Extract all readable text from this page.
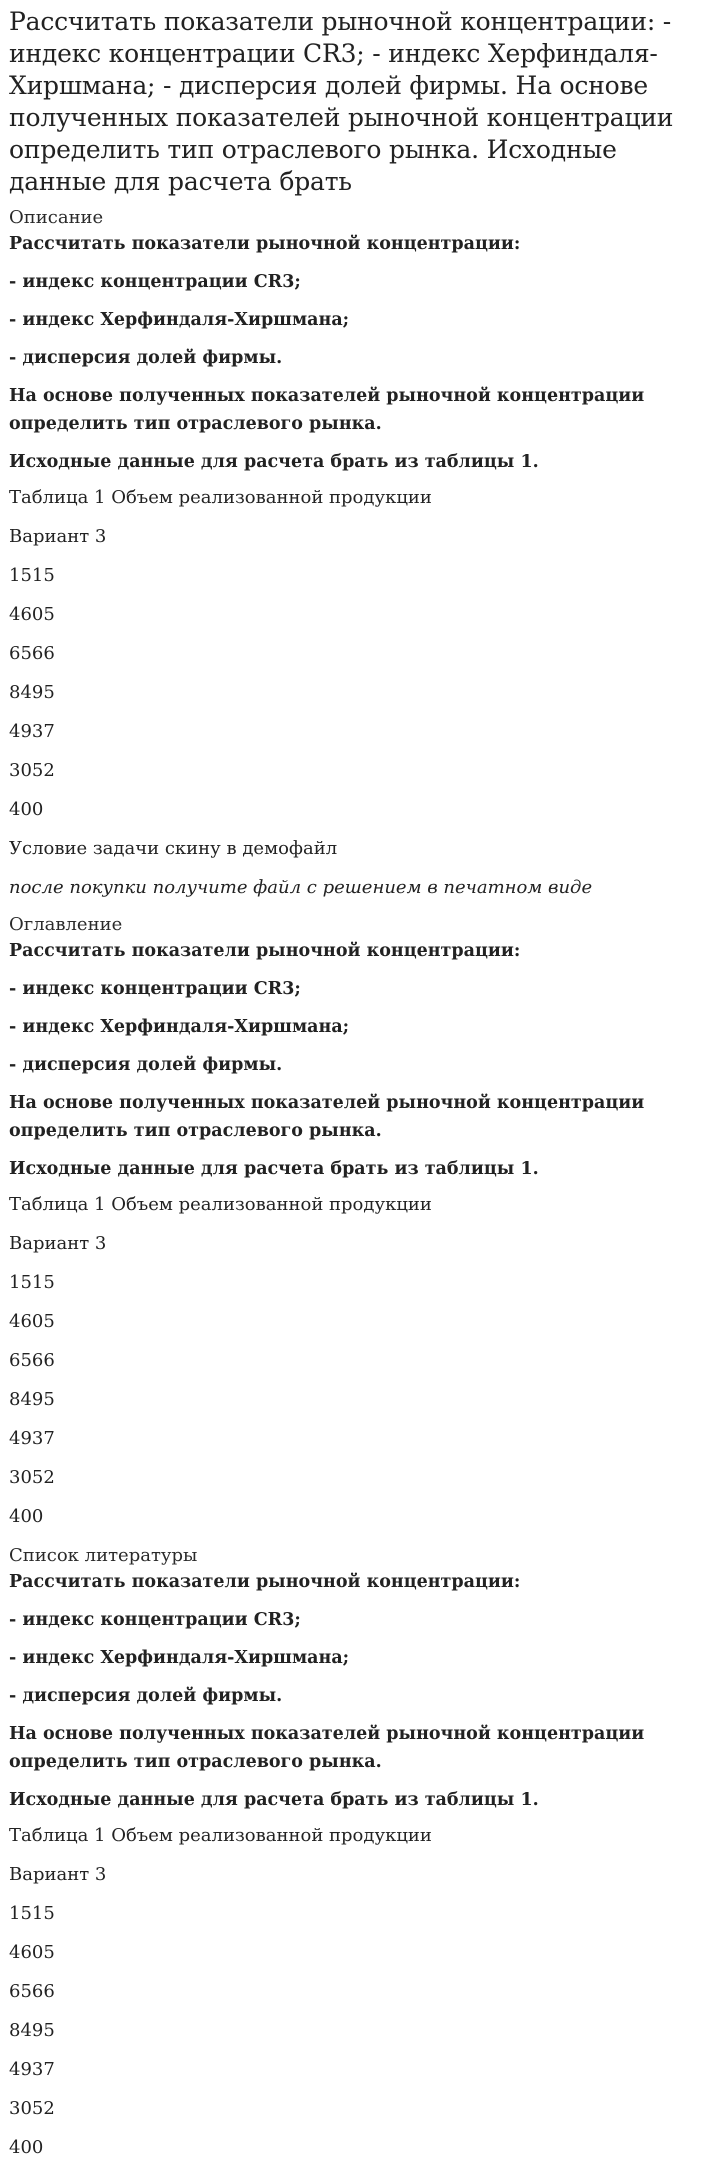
Рассчитать показатели рыночной концентрации: - индекс концентрации CR3; - индекс Херфиндаля-Хиршмана; - дисперсия долей фирмы. На основе полученных показателей рыночной концентрации определить тип отраслевого рынка. Исходные данные для расчета брать
Описание

Рассчитать показатели рыночной концентрации:

- индекс концентрации CR3;

- индекс Херфиндаля-Хиршмана;

- дисперсия долей фирмы.

На основе полученных показателей рыночной концентрации определить тип отраслевого рынка.

Исходные данные для расчета брать из таблицы 1.

Таблица 1 Объем реализованной продукции

Вариант 3

1515

4605

6566

8495

4937

3052

400

Условие задачи скину в демофайл

после покупки получите файл с решением в печатном виде

Оглавление

Рассчитать показатели рыночной концентрации:

- индекс концентрации CR3;

- индекс Херфиндаля-Хиршмана;

- дисперсия долей фирмы.

На основе полученных показателей рыночной концентрации определить тип отраслевого рынка.

Исходные данные для расчета брать из таблицы 1.

Таблица 1 Объем реализованной продукции

Вариант 3

1515

4605

6566

8495

4937

3052

400

Список литературы

Рассчитать показатели рыночной концентрации:

- индекс концентрации CR3;

- индекс Херфиндаля-Хиршмана;

- дисперсия долей фирмы.

На основе полученных показателей рыночной концентрации определить тип отраслевого рынка.

Исходные данные для расчета брать из таблицы 1.

Таблица 1 Объем реализованной продукции

Вариант 3

1515

4605

6566

8495

4937

3052

400
